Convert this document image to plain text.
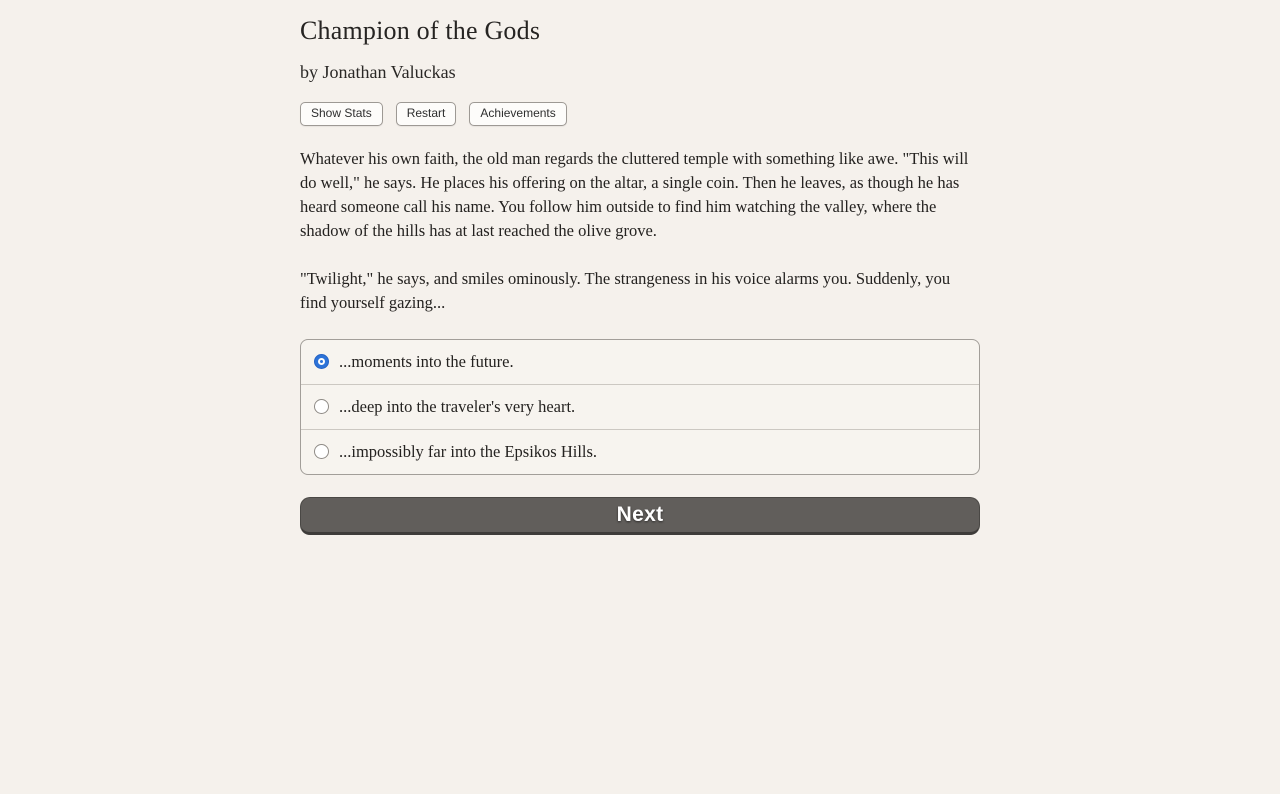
Champion of the Gods
by Jonathan Valuckas
Show Stats	Restart	Achievements

Whatever his own faith, the old man regards the cluttered temple with something like awe. "This will do well," he says. He places his offering on the altar, a single coin. Then he leaves, as though he has heard someone call his name. You follow him outside to find him watching the valley, where the shadow of the hills has at last reached the olive grove.

"Twilight," he says, and smiles ominously. The strangeness in his voice alarms you. Suddenly, you find yourself gazing...

...moments into the future.
...deep into the traveler's very heart.
...impossibly far into the Epsikos Hills.
Next
